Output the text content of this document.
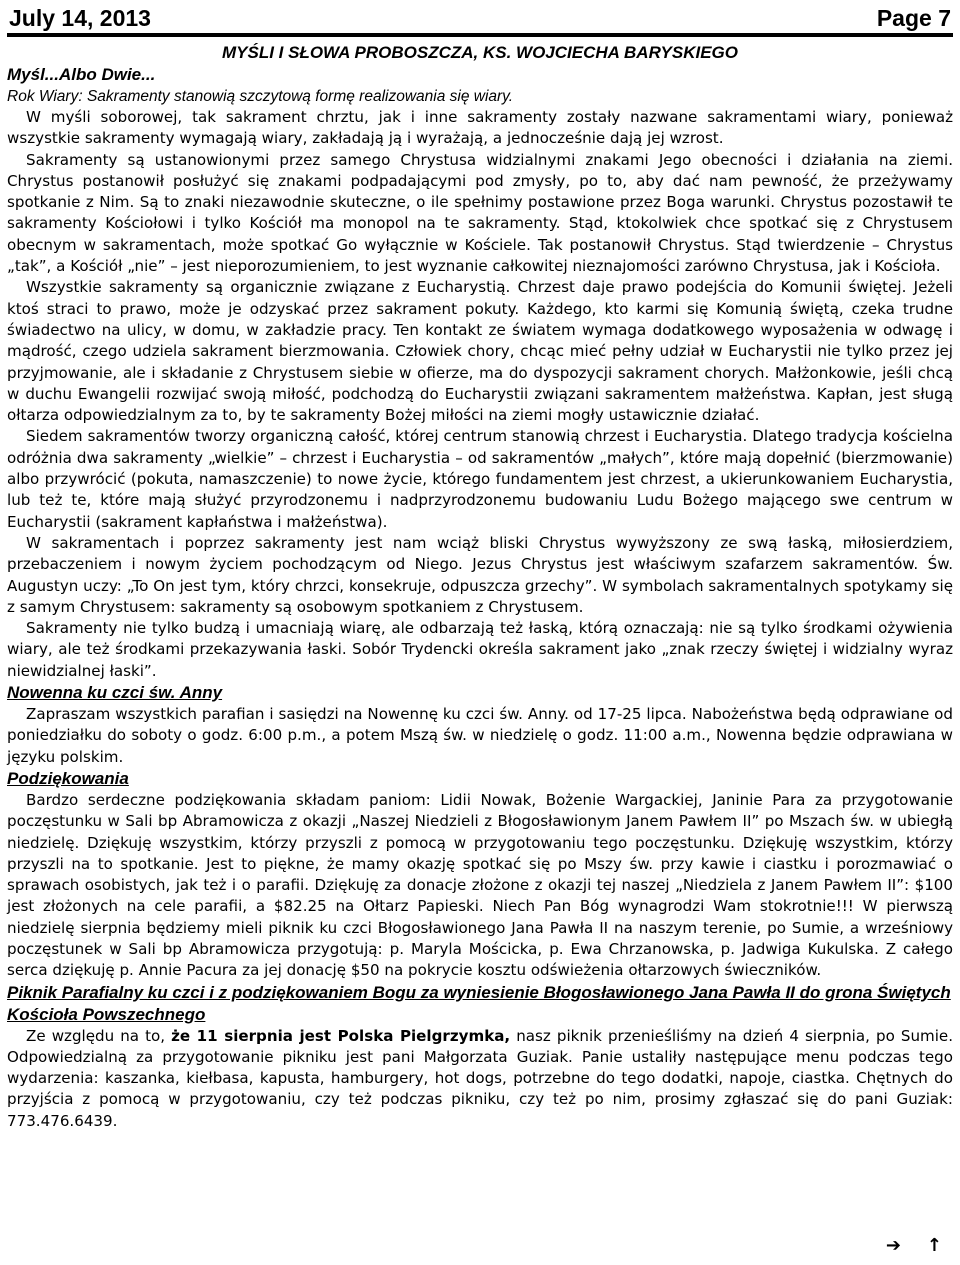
July 14, 2013	Page 7
MYŚLI I SŁOWA PROBOSZCZA, KS. WOJCIECHA BARYSKIEGO
Myśl...Albo Dwie...
Rok Wiary: Sakramenty stanowią szczytową formę realizowania się wiary.

W myśli soborowej, tak sakrament chrztu, jak i inne sakramenty zostały nazwane sakramentami wiary, ponieważ wszystkie sakramenty wymagają wiary, zakładają ją i wyrażają, a jednocześnie dają jej wzrost.

Sakramenty są ustanowionymi przez samego Chrystusa widzialnymi znakami Jego obecności i działania na ziemi. Chrystus postanowił posłużyć się znakami podpadającymi pod zmysły, po to, aby dać nam pewność, że przeżywamy spotkanie z Nim. Są to znaki niezawodnie skuteczne, o ile spełnimy postawione przez Boga warunki. Chrystus pozostawił te sakramenty Kościołowi i tylko Kościół ma monopol na te sakramenty. Stąd, ktokolwiek chce spotkać się z Chrystusem obecnym w sakramentach, może spotkać Go wyłącznie w Kościele. Tak postanowił Chrystus. Stąd twierdzenie – Chrystus „tak”, a Kościół „nie” – jest nieporozumieniem, to jest wyznanie całkowitej nieznajomości zarówno Chrystusa, jak i Kościoła.

Wszystkie sakramenty są organicznie związane z Eucharystią. Chrzest daje prawo podejścia do Komunii świętej. Jeżeli ktoś straci to prawo, może je odzyskać przez sakrament pokuty. Każdego, kto karmi się Komunią świętą, czeka trudne świadectwo na ulicy, w domu, w zakładzie pracy. Ten kontakt ze światem wymaga dodatkowego wyposażenia w odwagę i mądrość, czego udziela sakrament bierzmowania. Człowiek chory, chcąc mieć pełny udział w Eucharystii nie tylko przez jej przyjmowanie, ale i składanie z Chrystusem siebie w ofierze, ma do dyspozycji sakrament chorych. Małżonkowie, jeśli chcą w duchu Ewangelii rozwijać swoją miłość, podchodzą do Eucharystii związani sakramentem małżeństwa. Kapłan, jest sługą ołtarza odpowiedzialnym za to, by te sakramenty Bożej miłości na ziemi mogły ustawicznie działać.

Siedem sakramentów tworzy organiczną całość, której centrum stanowią chrzest i Eucharystia. Dlatego tradycja kościelna odróżnia dwa sakramenty „wielkie” – chrzest i Eucharystia – od sakramentów „małych”, które mają dopełnić (bierzmowanie) albo przywrócić (pokuta, namaszczenie) to nowe życie, którego fundamentem jest chrzest, a ukierunkowaniem Eucharystia, lub też te, które mają służyć przyrodzonemu i nadprzyrodzonemu budowaniu Ludu Bożego mającego swe centrum w Eucharystii (sakrament kapłaństwa i małżeństwa).

W sakramentach i poprzez sakramenty jest nam wciąż bliski Chrystus wywyższony ze swą łaską, miłosierdziem, przebaczeniem i nowym życiem pochodzącym od Niego. Jezus Chrystus jest właściwym szafarzem sakramentów. Św. Augustyn uczy: „To On jest tym, który chrzci, konsekruje, odpuszcza grzechy”. W symbolach sakramentalnych spotykamy się z samym Chrystusem: sakramenty są osobowym spotkaniem z Chrystusem.

Sakramenty nie tylko budzą i umacniają wiarę, ale odbarzają też łaską, którą oznaczają: nie są tylko środkami ożywienia wiary, ale też środkami przekazywania łaski. Sobór Trydencki określa sakrament jako „znak rzeczy świętej i widzialny wyraz niewidzialnej łaski”.

Nowenna ku czci św. Anny

Zapraszam wszystkich parafian i sasiędzi na Nowennę ku czci św. Anny. od 17-25 lipca. Nabożeństwa będą odprawiane od poniedziałku do soboty o godz. 6:00 p.m., a potem Mszą św. w niedzielę o godz. 11:00 a.m., Nowenna będzie odprawiana w języku polskim.

Podziękowania

Bardzo serdeczne podziękowania składam paniom: Lidii Nowak, Bożenie Wargackiej, Janinie Para za przygotowanie poczęstunku w Sali bp Abramowicza z okazji „Naszej Niedzieli z Błogosławionym Janem Pawłem II” po Mszach św. w ubiegłą niedzielę. Dziękuję wszystkim, którzy przyszli z pomocą w przygotowaniu tego poczęstunku. Dziękuję wszystkim, którzy przyszli na to spotkanie. Jest to piękne, że mamy okazję spotkać się po Mszy św. przy kawie i ciastku i porozmawiać o sprawach osobistych, jak też i o parafii. Dziękuję za donacje złożone z okazji tej naszej „Niedziela z Janem Pawłem II”: $100 jest złożonych na cele parafii, a $82.25 na Ołtarz Papieski. Niech Pan Bóg wynagrodzi Wam stokrotnie!!! W pierwszą niedzielę sierpnia będziemy mieli piknik ku czci Błogosławionego Jana Pawła II na naszym terenie, po Sumie, a wrześniowy poczęstunek w Sali bp Abramowicza przygotują: p. Maryla Mościcka, p. Ewa Chrzanowska, p. Jadwiga Kukulska. Z całego serca dziękuję p. Annie Pacura za jej donację $50 na pokrycie kosztu odświeżenia ołtarzowych świeczników.

Piknik Parafialny ku czci i z podziękowaniem Bogu za wyniesienie Błogosławionego Jana Pawła II do grona Świętych Kościoła Powszechnego

Ze względu na to, że 11 sierpnia jest Polska Pielgrzymka, nasz piknik przenieśliśmy na dzień 4 sierpnia, po Sumie. Odpowiedzialną za przygotowanie pikniku jest pani Małgorzata Guziak. Panie ustaliły następujące menu podczas tego wydarzenia: kaszanka, kiełbasa, kapusta, hamburgery, hot dogs, potrzebne do tego dodatki, napoje, ciastka. Chętnych do przyjścia z pomocą w przygotowaniu, czy też podczas pikniku, czy też po nim, prosimy zgłaszać się do pani Guziak: 773.476.6439.

➔ ↑
